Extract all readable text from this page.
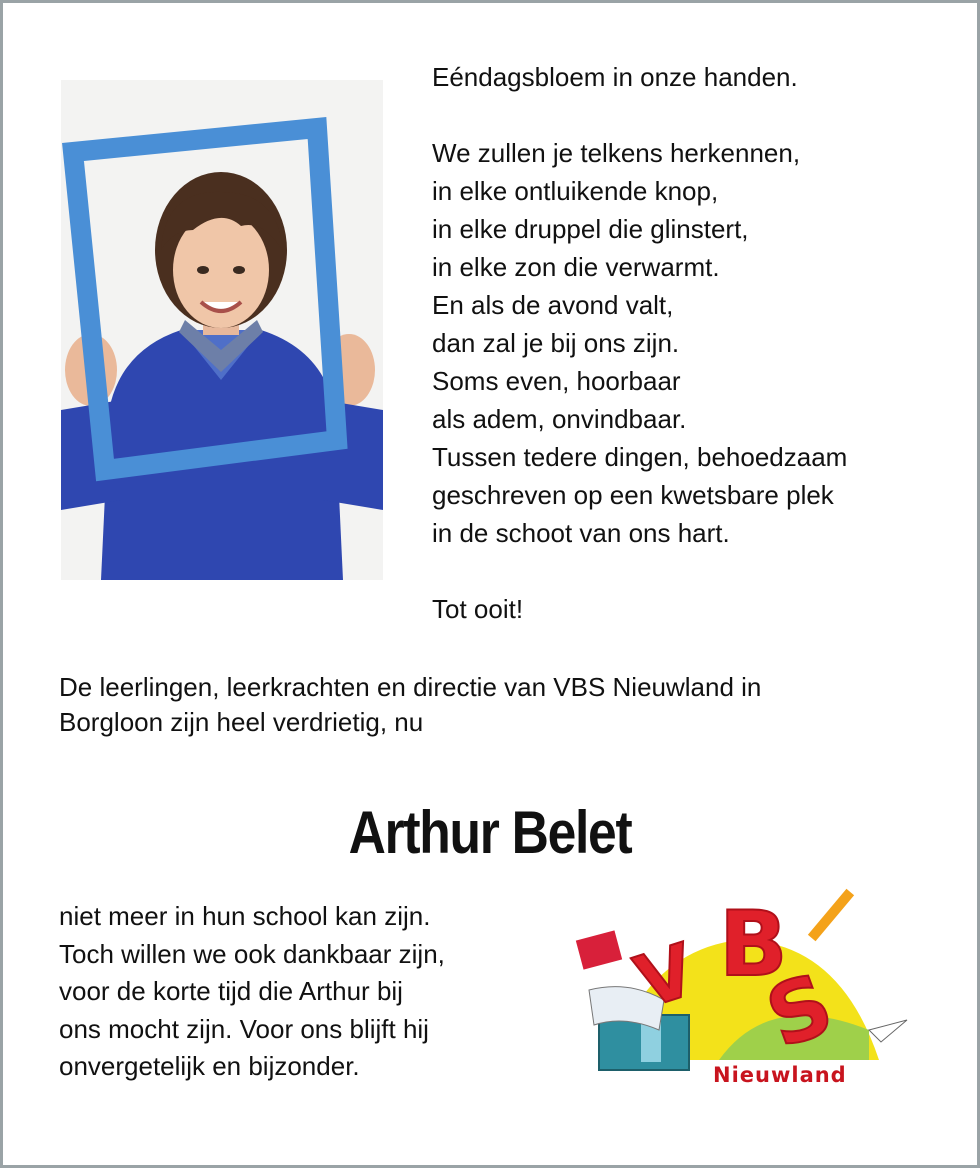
Eéndagsbloem in onze handen.
We zullen je telkens herkennen,
in elke ontluikende knop,
in elke druppel die glinstert,
in elke zon die verwarmt.
En als de avond valt,
dan zal je bij ons zijn.
Soms even, hoorbaar
als adem, onvindbaar.
Tussen tedere dingen, behoedzaam
geschreven op een kwetsbare plek
in de schoot van ons hart.
Tot ooit!
De leerlingen, leerkrachten en directie van VBS Nieuwland in
Borgloon zijn heel verdrietig, nu
Arthur Belet
niet meer in hun school kan zijn.
Toch willen we ook dankbaar zijn,
voor de korte tijd die Arthur bij
ons mocht zijn. Voor ons blijft hij
onvergetelijk en bijzonder.
V B
S
Nieuwland
